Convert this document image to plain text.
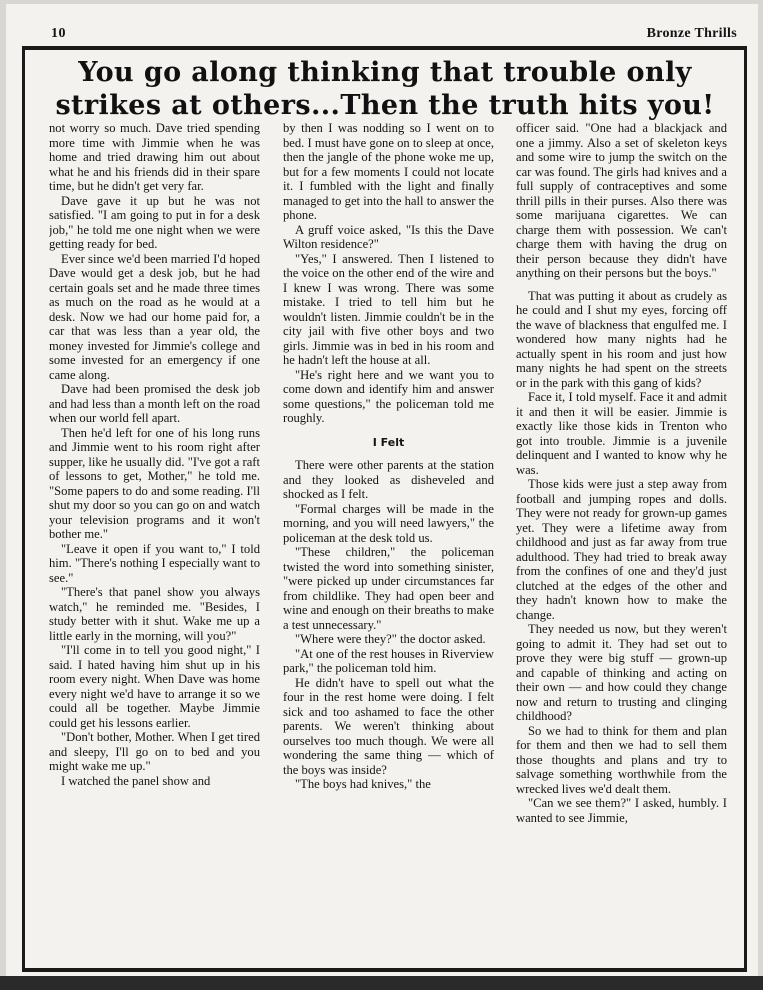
10	Bronze Thrills
You go along thinking that trouble only
strikes at others...Then the truth hits you!

not worry so much. Dave tried spending more time with Jimmie when he was home and tried drawing him out about what he and his friends did in their spare time, but he didn't get very far.

Dave gave it up but he was not satisfied. "I am going to put in for a desk job," he told me one night when we were getting ready for bed.

Ever since we'd been married I'd hoped Dave would get a desk job, but he had certain goals set and he made three times as much on the road as he would at a desk. Now we had our home paid for, a car that was less than a year old, the money invested for Jimmie's college and some invested for an emergency if one came along.

Dave had been promised the desk job and had less than a month left on the road when our world fell apart.

Then he'd left for one of his long runs and Jimmie went to his room right after supper, like he usually did. "I've got a raft of lessons to get, Mother," he told me. "Some papers to do and some reading. I'll shut my door so you can go on and watch your television programs and it won't bother me."

"Leave it open if you want to," I told him. "There's nothing I especially want to see."

"There's that panel show you always watch," he reminded me. "Besides, I study better with it shut. Wake me up a little early in the morning, will you?"

"I'll come in to tell you good night," I said. I hated having him shut up in his room every night. When Dave was home every night we'd have to arrange it so we could all be together. Maybe Jimmie could get his lessons earlier.

"Don't bother, Mother. When I get tired and sleepy, I'll go on to bed and you might wake me up."

I watched the panel show and

by then I was nodding so I went on to bed. I must have gone on to sleep at once, then the jangle of the phone woke me up, but for a few moments I could not locate it. I fumbled with the light and finally managed to get into the hall to answer the phone.

A gruff voice asked, "Is this the Dave Wilton residence?"

"Yes," I answered. Then I listened to the voice on the other end of the wire and I knew I was wrong. There was some mistake. I tried to tell him but he wouldn't listen. Jimmie couldn't be in the city jail with five other boys and two girls. Jimmie was in bed in his room and he hadn't left the house at all.

"He's right here and we want you to come down and identify him and answer some questions," the policeman told me roughly.

I Felt

There were other parents at the station and they looked as disheveled and shocked as I felt.

"Formal charges will be made in the morning, and you will need lawyers," the policeman at the desk told us.

"These children," the policeman twisted the word into something sinister, "were picked up under circumstances far from childlike. They had open beer and wine and enough on their breaths to make a test unnecessary."

"Where were they?" the doctor asked.

"At one of the rest houses in Riverview park," the policeman told him.

He didn't have to spell out what the four in the rest home were doing. I felt sick and too ashamed to face the other parents. We weren't thinking about ourselves too much though. We were all wondering the same thing — which of the boys was inside?

"The boys had knives," the

officer said. "One had a blackjack and one a jimmy. Also a set of skeleton keys and some wire to jump the switch on the car was found. The girls had knives and a full supply of contraceptives and some thrill pills in their purses. Also there was some marijuana cigarettes. We can charge them with possession. We can't charge them with having the drug on their person because they didn't have anything on their persons but the boys."

That was putting it about as crudely as he could and I shut my eyes, forcing off the wave of blackness that engulfed me. I wondered how many nights had he actually spent in his room and just how many nights he had spent on the streets or in the park with this gang of kids?

Face it, I told myself. Face it and admit it and then it will be easier. Jimmie is exactly like those kids in Trenton who got into trouble. Jimmie is a juvenile delinquent and I wanted to know why he was.

Those kids were just a step away from football and jumping ropes and dolls. They were not ready for grown-up games yet. They were a lifetime away from childhood and just as far away from true adulthood. They had tried to break away from the confines of one and they'd just clutched at the edges of the other and they hadn't known how to make the change.

They needed us now, but they weren't going to admit it. They had set out to prove they were big stuff — grown-up and capable of thinking and acting on their own — and how could they change now and return to trusting and clinging childhood?

So we had to think for them and plan for them and then we had to sell them those thoughts and plans and try to salvage something worthwhile from the wrecked lives we'd dealt them.

"Can we see them?" I asked, humbly. I wanted to see Jimmie,
